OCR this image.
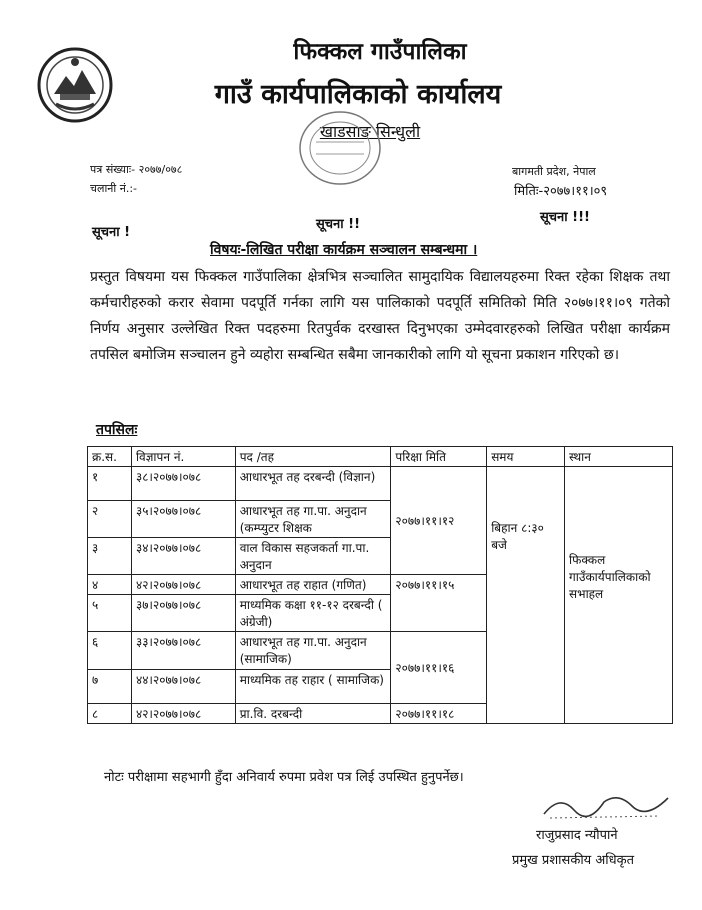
फिक्कल गाउँपालिका
गाउँ कार्यपालिकाको कार्यालय
खाडसाङ सिन्धुली
पत्र संख्याः- २०७७/०७८
चलानी नं.:-
बागमती प्रदेश, नेपाल
मितिः-२०७७।११।०९
सूचना !
सूचना !!	सूचना !!!
विषयः-लिखित परीक्षा कार्यक्रम सञ्चालन सम्बन्धमा ।
प्रस्तुत विषयमा यस फिक्कल गाउँपालिका क्षेत्रभित्र सञ्चालित सामुदायिक विद्यालयहरुमा रिक्त रहेका शिक्षक तथा कर्मचारीहरुको करार सेवामा पदपूर्ति गर्नका लागि यस पालिकाको पदपूर्ति समितिको मिति २०७७।११।०९ गतेको निर्णय अनुसार उल्लेखित रिक्त पदहरुमा रितपुर्वक दरखास्त दिनुभएका उम्मेदवारहरुको लिखित परीक्षा कार्यक्रम तपसिल बमोजिम सञ्चालन हुने व्यहोरा सम्बन्धित सबैमा जानकारीको लागि यो सूचना प्रकाशन गरिएको छ।
तपसिलः
क्र.स.	विज्ञापन नं.	पद /तह	परिक्षा मिति	समय	स्थान
१	३८।२०७७।०७८	आधारभूत तह दरबन्दी (विज्ञान)	२०७७।११।१२	बिहान ८:३० बजे	फिक्कल गाउँकार्यपालिकाको सभाहल
२	३५।२०७७।०७८	आधारभूत तह गा.पा. अनुदान (कम्प्युटर शिक्षक			
३	३४।२०७७।०७८	वाल विकास सहजकर्ता गा.पा. अनुदान			
४	४२।२०७७।०७८	आधारभूत तह राहात (गणित)	२०७७।११।१५		
५	३७।२०७७।०७८	माध्यमिक कक्षा ११-१२ दरबन्दी ( अंग्रेजी)			
६	३३।२०७७।०७८	आधारभूत तह गा.पा. अनुदान (सामाजिक)	२०७७।११।१६		
७	४४।२०७७।०७८	माध्यमिक तह राहार ( सामाजिक)			
८	४२।२०७७।०७८	प्रा.वि. दरबन्दी	२०७७।११।१८		
नोटः परीक्षामा सहभागी हुँदा अनिवार्य रुपमा प्रवेश पत्र लिई उपस्थित हुनुपर्नेछ।
राजुप्रसाद न्यौपाने
प्रमुख प्रशासकीय अधिकृत
